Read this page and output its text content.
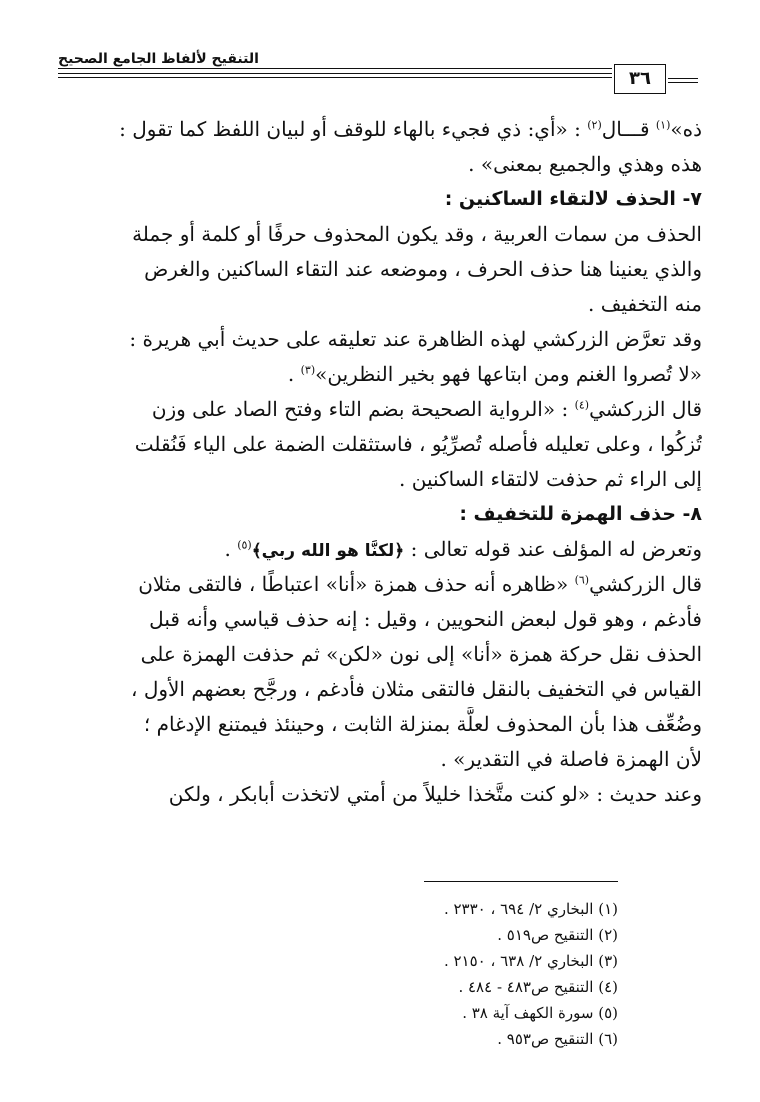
التنقيح لألفاظ الجامع الصحيح
٣٦
ذه»$^{(١)}$ قـــال$^{(٢)}$ : «أي: ذي فجيء بالهاء للوقف أو لبيان اللفظ كما تقول :
هذه وهذي والجميع بمعنى» .
٧- الحذف لالتقاء الساكنين :
الحذف من سمات العربية ، وقد يكون المحذوف حرفًا أو كلمة أو جملة
والذي يعنينا هنا حذف الحرف ، وموضعه عند التقاء الساكنين والغرض
منه التخفيف .
وقد تعرَّض الزركشي لهذه الظاهرة عند تعليقه على حديث أبي هريرة :
«لا تُصروا الغنم ومن ابتاعها فهو بخير النظرين»$^{(٣)}$ .
قال الزركشي$^{(٤)}$ : «الرواية الصحيحة بضم التاء وفتح الصاد على وزن
تُزكُوا ، وعلى تعليله فأصله تُصرِّيُو ، فاستثقلت الضمة على الياء فَنُقلت
إلى الراء ثم حذفت لالتقاء الساكنين .
٨- حذف الهمزة للتخفيف :
وتعرض له المؤلف عند قوله تعالى : ﴿لكنَّا هو الله ربي﴾$^{(٥)}$ .
قال الزركشي$^{(٦)}$ «ظاهره أنه حذف همزة «أنا» اعتباطًا ، فالتقى مثلان
فأدغم ، وهو قول لبعض النحويين ، وقيل : إنه حذف قياسي وأنه قبل
الحذف نقل حركة همزة «أنا» إلى نون «لكن» ثم حذفت الهمزة على
القياس في التخفيف بالنقل فالتقى مثلان فأدغم ، ورجَّح بعضهم الأول ،
وضُعِّف هذا بأن المحذوف لعلَّة بمنزلة الثابت ، وحينئذ فيمتنع الإدغام ؛
لأن الهمزة فاصلة في التقدير» .
وعند حديث : «لو كنت متَّخذا خليلاً من أمتي لاتخذت أبابكر ، ولكن
(١) البخاري ٢/ ٦٩٤ ، ٢٣٣٠ .
(٢) التنقيح ص٥١٩ .
(٣) البخاري ٢/ ٦٣٨ ، ٢١٥٠ .
(٤) التنقيح ص٤٨٣ - ٤٨٤ .
(٥) سورة الكهف آية ٣٨ .
(٦) التنقيح ص٩٥٣ .
